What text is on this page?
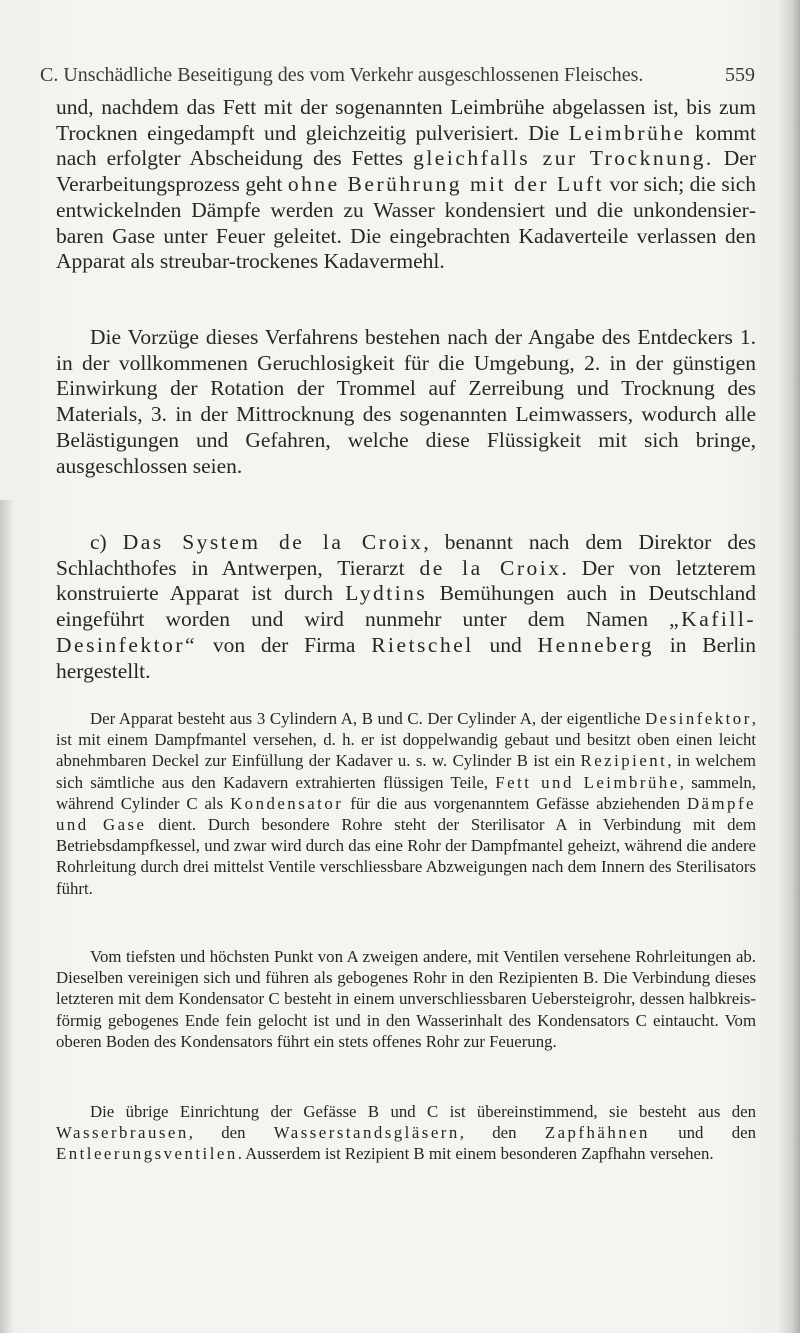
C. Unschädliche Beseitigung des vom Verkehr ausgeschlossenen Fleisches.	559

und, nachdem das Fett mit der sogenannten Leimbrühe abgelassen ist, bis zum Trocknen eingedampft und gleichzeitig pulverisiert. Die Leimbrühe kommt nach erfolgter Abscheidung des Fettes gleichfalls zur Trocknung. Der Verarbeitungsprozess geht ohne Berührung mit der Luft vor sich; die sich entwickelnden Dämpfe werden zu Wasser kondensiert und die unkondensierbaren Gase unter Feuer geleitet. Die eingebrachten Kadaverteile verlassen den Apparat als streubar-trockenes Kadavermehl.

Die Vorzüge dieses Verfahrens bestehen nach der Angabe des Entdeckers 1. in der vollkommenen Geruchlosigkeit für die Umgebung, 2. in der günstigen Einwirkung der Rotation der Trommel auf Zerreibung und Trocknung des Materials, 3. in der Mittrocknung des sogenannten Leimwassers, wodurch alle Belästigungen und Gefahren, welche diese Flüssigkeit mit sich bringe, ausgeschlossen seien.

c) Das System de la Croix, benannt nach dem Direktor des Schlachthofes in Antwerpen, Tierarzt de la Croix. Der von letzterem konstruierte Apparat ist durch Lydtins Bemühungen auch in Deutschland eingeführt worden und wird nunmehr unter dem Namen „Kafill-Desinfektor“ von der Firma Rietschel und Henneberg in Berlin hergestellt.

Der Apparat besteht aus 3 Cylindern A, B und C. Der Cylinder A, der eigentliche Desinfektor, ist mit einem Dampfmantel versehen, d. h. er ist doppelwandig gebaut und besitzt oben einen leicht abnehmbaren Deckel zur Einfüllung der Kadaver u. s. w. Cylinder B ist ein Rezipient, in welchem sich sämtliche aus den Kadavern extrahierten flüssigen Teile, Fett und Leimbrühe, sammeln, während Cylinder C als Kondensator für die aus vorgenanntem Gefässe abziehenden Dämpfe und Gase dient. Durch besondere Rohre steht der Sterilisator A in Verbindung mit dem Betriebsdampfkessel, und zwar wird durch das eine Rohr der Dampfmantel geheizt, während die andere Rohrleitung durch drei mittelst Ventile verschliessbare Abzweigungen nach dem Innern des Sterilisators führt.

Vom tiefsten und höchsten Punkt von A zweigen andere, mit Ventilen versehene Rohrleitungen ab. Dieselben vereinigen sich und führen als gebogenes Rohr in den Rezipienten B. Die Verbindung dieses letzteren mit dem Kondensator C besteht in einem unverschliessbaren Uebersteigrohr, dessen halbkreisförmig gebogenes Ende fein gelocht ist und in den Wasserinhalt des Kondensators C eintaucht. Vom oberen Boden des Kondensators führt ein stets offenes Rohr zur Feuerung.

Die übrige Einrichtung der Gefässe B und C ist übereinstimmend, sie besteht aus den Wasserbrausen, den Wasserstandsgläsern, den Zapfhähnen und den Entleerungsventilen. Ausserdem ist Rezipient B mit einem besonderen Zapfhahn versehen.
